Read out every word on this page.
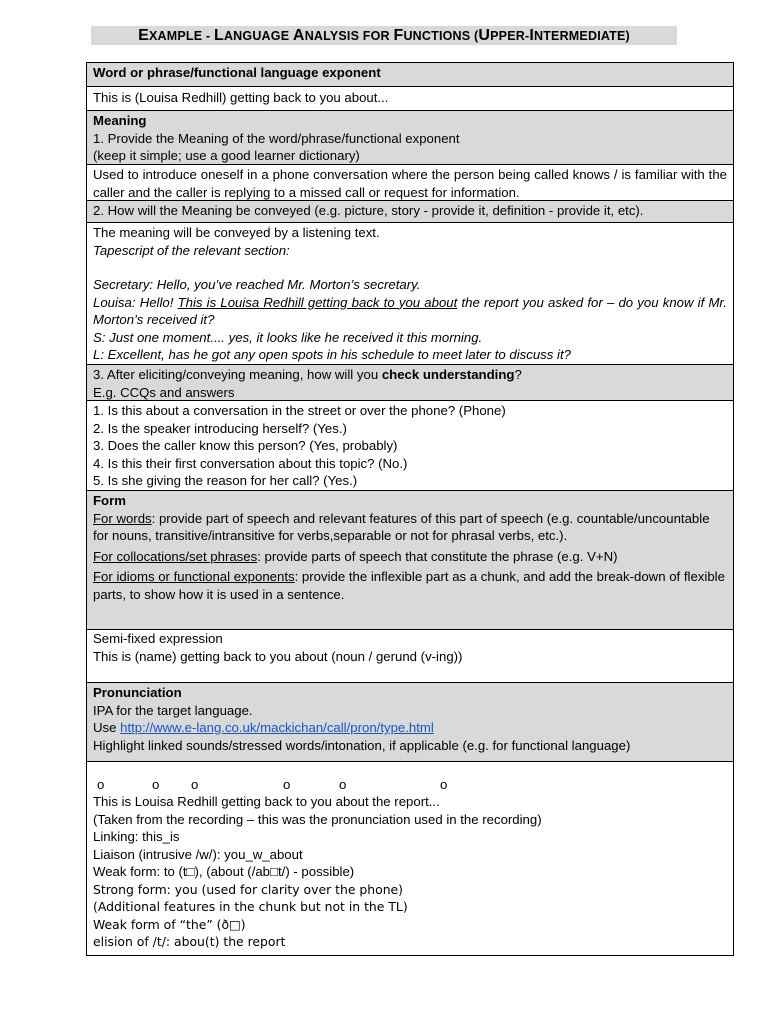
EXAMPLE - LANGUAGE ANALYSIS FOR FUNCTIONS (UPPER-INTERMEDIATE)
Word or phrase/functional language exponent
This is (Louisa Redhill) getting back to you about...
Meaning
1. Provide the Meaning of the word/phrase/functional exponent
(keep it simple; use a good learner dictionary)
Used to introduce oneself in a phone conversation where the person being called knows / is familiar with the caller and the caller is replying to a missed call or request for information.
2. How will the Meaning be conveyed (e.g. picture, story - provide it, definition - provide it, etc).
The meaning will be conveyed by a listening text.
Tapescript of the relevant section:
Secretary: Hello, you’ve reached Mr. Morton’s secretary.
Louisa: Hello! This is Louisa Redhill getting back to you about the report you asked for – do you know if Mr. Morton’s received it?
S: Just one moment.... yes, it looks like he received it this morning.
L: Excellent, has he got any open spots in his schedule to meet later to discuss it?
3. After eliciting/conveying meaning, how will you check understanding?
E.g. CCQs and answers
1. Is this about a conversation in the street or over the phone? (Phone)
2. Is the speaker introducing herself? (Yes.)
3. Does the caller know this person? (Yes, probably)
4. Is this their first conversation about this topic? (No.)
5. Is she giving the reason for her call? (Yes.)
Form

For words: provide part of speech and relevant features of this part of speech (e.g. countable/uncountable for nouns, transitive/intransitive for verbs,separable or not for phrasal verbs, etc.).

For collocations/set phrases: provide parts of speech that constitute the phrase (e.g. V+N)

For idioms or functional exponents: provide the inflexible part as a chunk, and add the break-down of flexible parts, to show how it is used in a sentence.

Semi-fixed expression
This is (name) getting back to you about (noun / gerund (v-ing))
Pronunciation
IPA for the target language.
Use http://www.e-lang.co.uk/mackichan/call/pron/type.html
Highlight linked sounds/stressed words/intonation, if applicable (e.g. for functional language)
o	o o	o	o	o
This is Louisa Redhill getting back to you about the report...
(Taken from the recording – this was the pronunciation used in the recording)
Linking: this_is
Liaison (intrusive /w/): you_w_about
Weak form: to (t□), (about (/ab□t/) - possible)
Strong form: you (used for clarity over the phone)
(Additional features in the chunk but not in the TL)
Weak form of “the” (ð□)
elision of /t/: abou(t) the report
